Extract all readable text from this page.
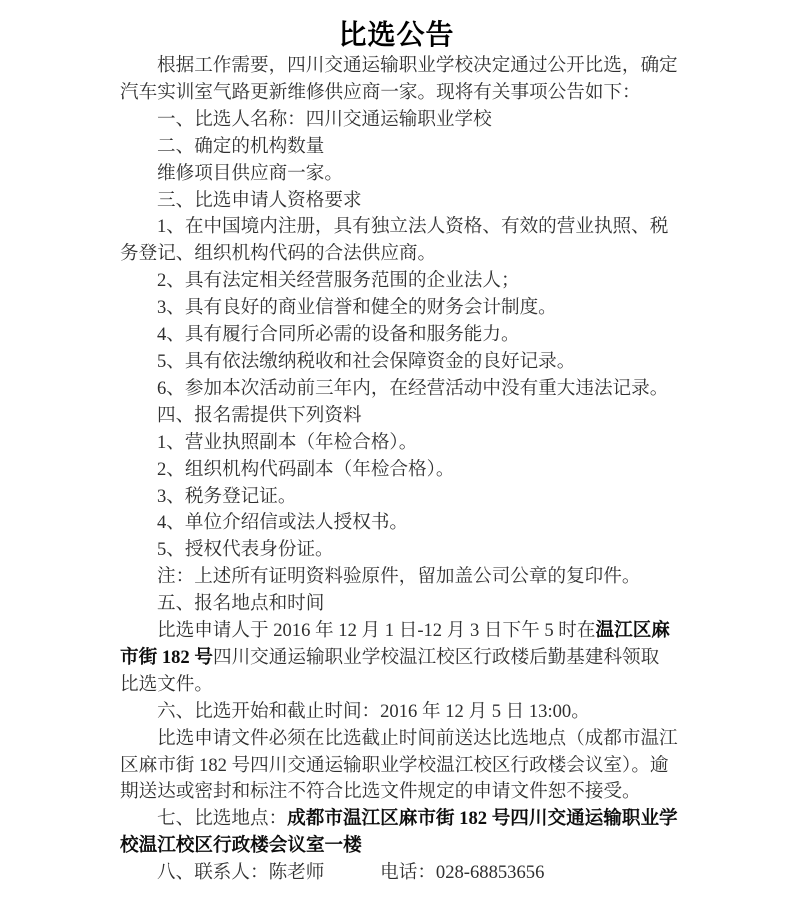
比选公告
根据工作需要，四川交通运输职业学校决定通过公开比选，确定
汽车实训室气路更新维修供应商一家。现将有关事项公告如下：
一、比选人名称：四川交通运输职业学校
二、确定的机构数量
维修项目供应商一家。
三、比选申请人资格要求
1、在中国境内注册，具有独立法人资格、有效的营业执照、税
务登记、组织机构代码的合法供应商。
2、具有法定相关经营服务范围的企业法人；
3、具有良好的商业信誉和健全的财务会计制度。
4、具有履行合同所必需的设备和服务能力。
5、具有依法缴纳税收和社会保障资金的良好记录。
6、参加本次活动前三年内，在经营活动中没有重大违法记录。
四、报名需提供下列资料
1、营业执照副本（年检合格）。
2、组织机构代码副本（年检合格）。
3、税务登记证。
4、单位介绍信或法人授权书。
5、授权代表身份证。
注：上述所有证明资料验原件，留加盖公司公章的复印件。
五、报名地点和时间
比选申请人于 2016 年 12 月 1 日-12 月 3 日下午 5 时在温江区麻
市街 182 号四川交通运输职业学校温江校区行政楼后勤基建科领取
比选文件。
六、比选开始和截止时间：2016 年 12 月 5 日 13:00。
比选申请文件必须在比选截止时间前送达比选地点（成都市温江
区麻市街 182 号四川交通运输职业学校温江校区行政楼会议室）。逾
期送达或密封和标注不符合比选文件规定的申请文件恕不接受。
七、比选地点：成都市温江区麻市街 182 号四川交通运输职业学
校温江校区行政楼会议室一楼
八、联系人：陈老师　　　电话：028-68853656
